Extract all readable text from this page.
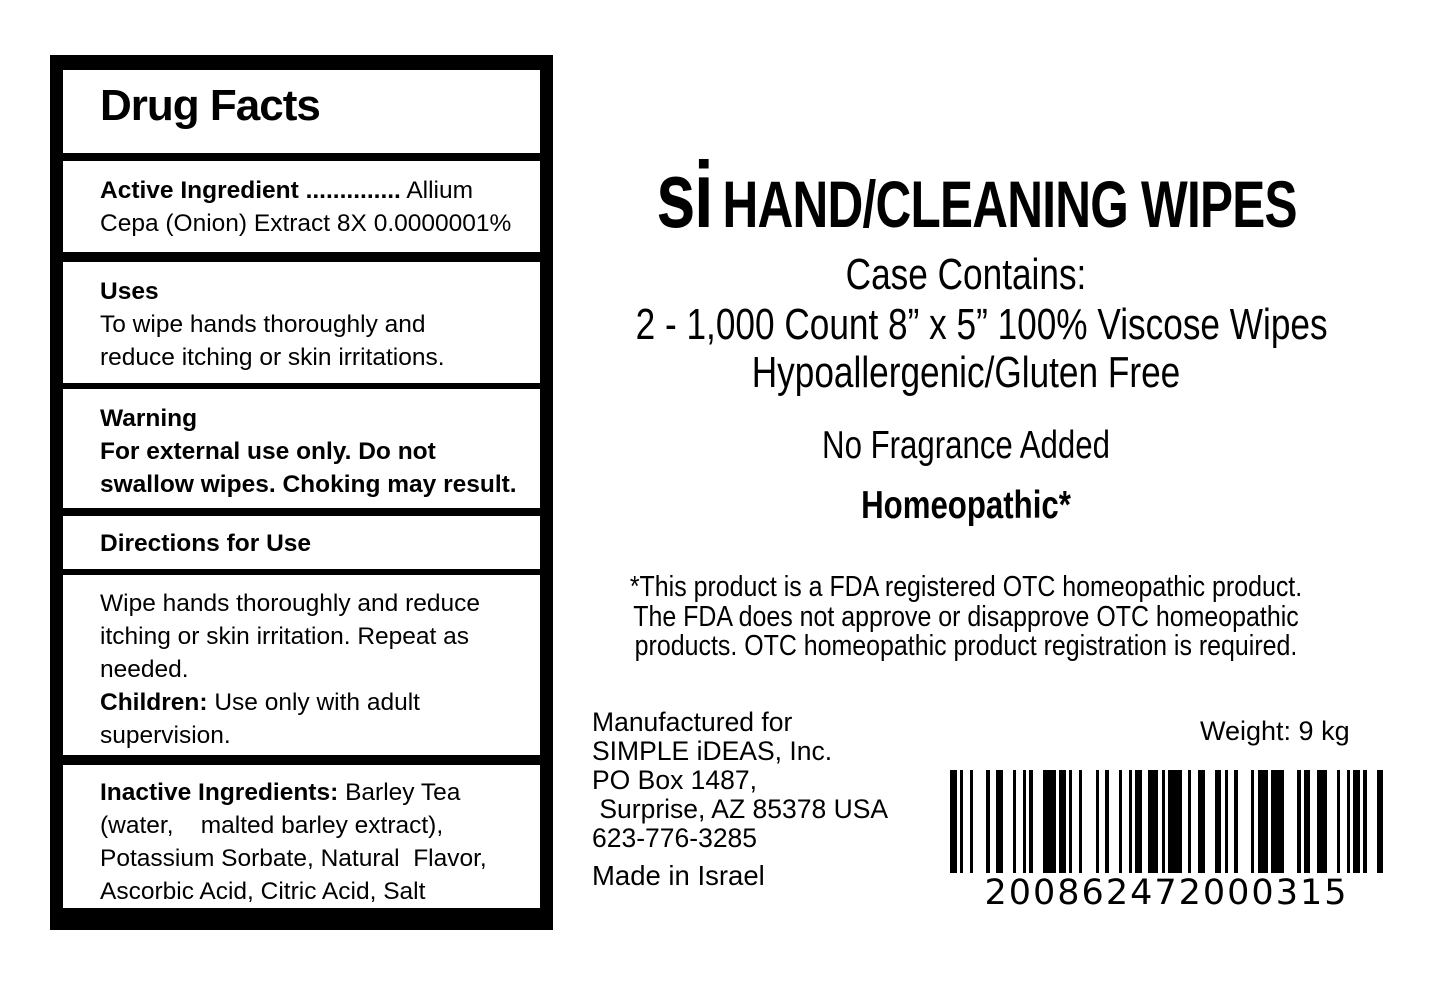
Drug Facts
Active Ingredient .............. Allium
Cepa (Onion) Extract 8X 0.0000001%
Uses
To wipe hands thoroughly and
reduce itching or skin irritations.
Warning
For external use only. Do not
swallow wipes. Choking may result.
Directions for Use
Wipe hands thoroughly and reduce
itching or skin irritation. Repeat as
needed.
Children: Use only with adult
supervision.
Inactive Ingredients: Barley Tea
(water,    malted barley extract),
Potassium Sorbate, Natural  Flavor,
Ascorbic Acid, Citric Acid, Salt
si HAND/CLEANING WIPES
Case Contains:
2 - 1,000 Count 8” x 5” 100% Viscose Wipes
Hypoallergenic/Gluten Free
No Fragrance Added
Homeopathic*
*This product is a FDA registered OTC homeopathic product.
The FDA does not approve or disapprove OTC homeopathic
products. OTC homeopathic product registration is required.
Manufactured for
SIMPLE iDEAS, Inc.
PO Box 1487,
Surprise, AZ 85378 USA
623-776-3285
Made in Israel
Weight: 9 kg
200862472000315
